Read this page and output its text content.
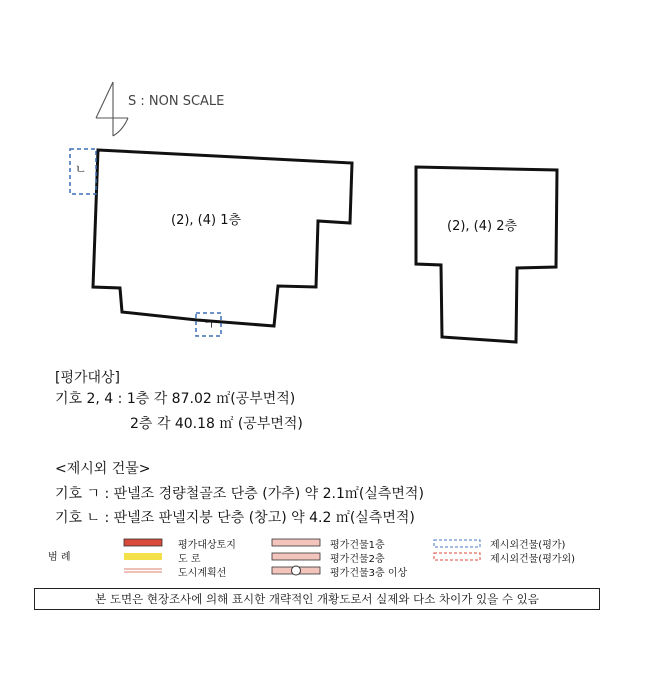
S : NON SCALE
(2), (4) 1층	(2), (4) 2층
ㄴ
ㄱ
[평가대상]
기호 2, 4 : 1층 각 87.02 ㎡(공부면적)
2층 각 40.18 ㎡ (공부면적)
<제시외 건물>
기호 ㄱ : 판넬조 경량철골조 단층 (가추) 약 2.1㎡(실측면적)
기호 ㄴ : 판넬조 판넬지붕 단층 (창고) 약 4.2 ㎡(실측면적)
범 례
평가대상토지
도 로
도시계획선
평가건물1층
평가건물2층
평가건물3층 이상
제시외건물(평가)
제시외건물(평가외)
본 도면은 현장조사에 의해 표시한 개략적인 개황도로서 실제와 다소 차이가 있을 수 있음
